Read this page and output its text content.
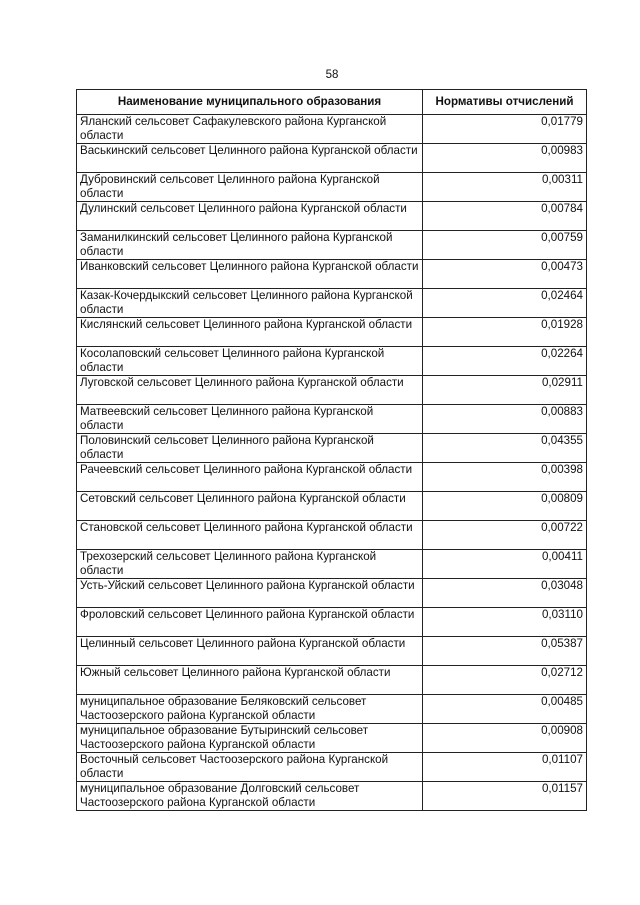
58
Наименование муниципального образования	Нормативы отчислений
Яланский сельсовет Сафакулевского района Курганской области	0,01779
Васькинский сельсовет Целинного района Курганской области	0,00983
Дубровинский сельсовет Целинного района Курганской области	0,00311
Дулинский сельсовет Целинного района Курганской области	0,00784
Заманилкинский сельсовет Целинного района Курганской области	0,00759
Иванковский сельсовет Целинного района Курганской области	0,00473
Казак-Кочердыкский сельсовет Целинного района Курганской области	0,02464
Кислянский сельсовет Целинного района Курганской области	0,01928
Косолаповский сельсовет Целинного района Курганской области	0,02264
Луговской сельсовет Целинного района Курганской области	0,02911
Матвеевский сельсовет Целинного района Курганской области	0,00883
Половинский сельсовет Целинного района Курганской области	0,04355
Рачеевский сельсовет Целинного района Курганской области	0,00398
Сетовский сельсовет Целинного района Курганской области	0,00809
Становской сельсовет Целинного района Курганской области	0,00722
Трехозерский сельсовет Целинного района Курганской области	0,00411
Усть-Уйский сельсовет Целинного района Курганской области	0,03048
Фроловский сельсовет Целинного района Курганской области	0,03110
Целинный сельсовет Целинного района Курганской области	0,05387
Южный сельсовет Целинного района Курганской области	0,02712
муниципальное образование Беляковский сельсовет Частоозерского района Курганской области	0,00485
муниципальное образование Бутыринский сельсовет Частоозерского района Курганской области	0,00908
Восточный сельсовет Частоозерского района Курганской области	0,01107
муниципальное образование Долговский сельсовет Частоозерского района Курганской области	0,01157
